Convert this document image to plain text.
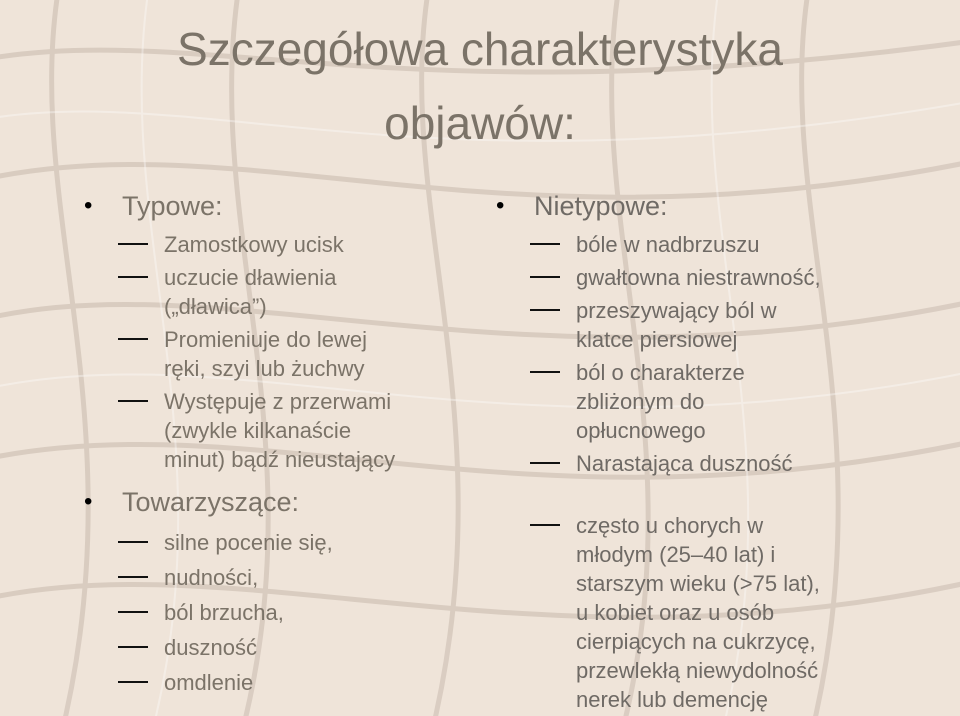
Szczegółowa charakterystyka
objawów:
• Typowe:
Zamostkowy ucisk
uczucie dławienia
(„dławica”)
Promieniuje do lewej
ręki, szyi lub żuchwy
Występuje z przerwami
(zwykle kilkanaście
minut) bądź nieustający
• Towarzyszące:
silne pocenie się,
nudności,
ból brzucha,
duszność
omdlenie
• Nietypowe:
bóle w nadbrzuszu
gwałtowna niestrawność,
przeszywający ból w
klatce piersiowej
ból o charakterze
zbliżonym do
opłucnowego
Narastająca duszność
często u chorych w
młodym (25–40 lat) i
starszym wieku (>75 lat),
u kobiet oraz u osób
cierpiących na cukrzycę,
przewlekłą niewydolność
nerek lub demencję
